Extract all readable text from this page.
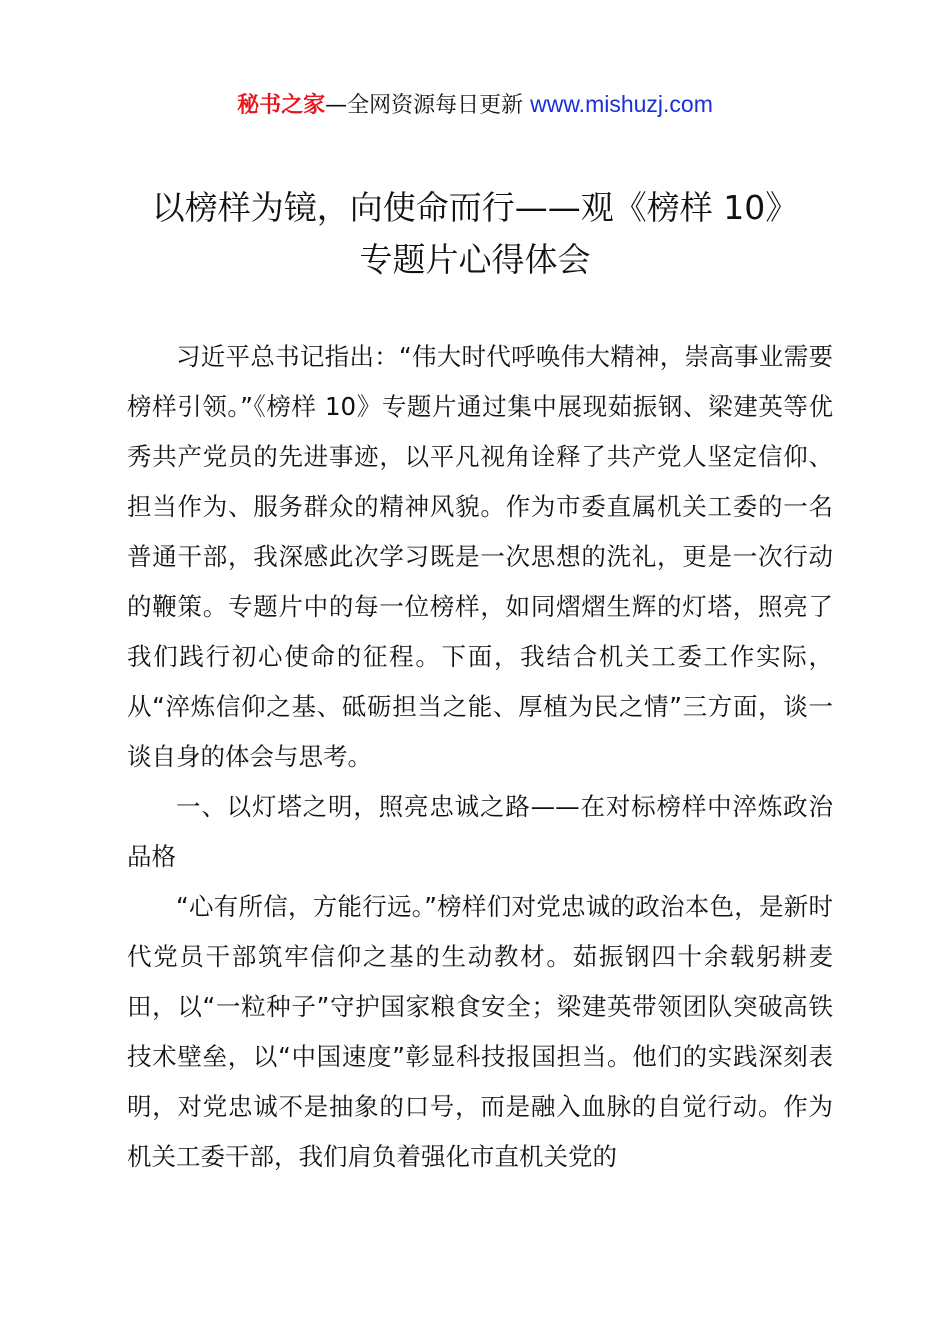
秘书之家—全网资源每日更新 www.mishuzj.com
以榜样为镜，向使命而行——观《榜样 10》
专题片心得体会

习近平总书记指出：“伟大时代呼唤伟大精神，崇高事业需要榜样引领。”《榜样 10》专题片通过集中展现茹振钢、梁建英等优秀共产党员的先进事迹，以平凡视角诠释了共产党人坚定信仰、担当作为、服务群众的精神风貌。作为市委直属机关工委的一名普通干部，我深感此次学习既是一次思想的洗礼，更是一次行动的鞭策。专题片中的每一位榜样，如同熠熠生辉的灯塔，照亮了我们践行初心使命的征程。下面，我结合机关工委工作实际，从“淬炼信仰之基、砥砺担当之能、厚植为民之情”三方面，谈一谈自身的体会与思考。

一、以灯塔之明，照亮忠诚之路——在对标榜样中淬炼政治品格

“心有所信，方能行远。”榜样们对党忠诚的政治本色，是新时代党员干部筑牢信仰之基的生动教材。茹振钢四十余载躬耕麦田，以“一粒种子”守护国家粮食安全；梁建英带领团队突破高铁技术壁垒，以“中国速度”彰显科技报国担当。他们的实践深刻表明，对党忠诚不是抽象的口号，而是融入血脉的自觉行动。作为机关工委干部，我们肩负着强化市直机关党的
